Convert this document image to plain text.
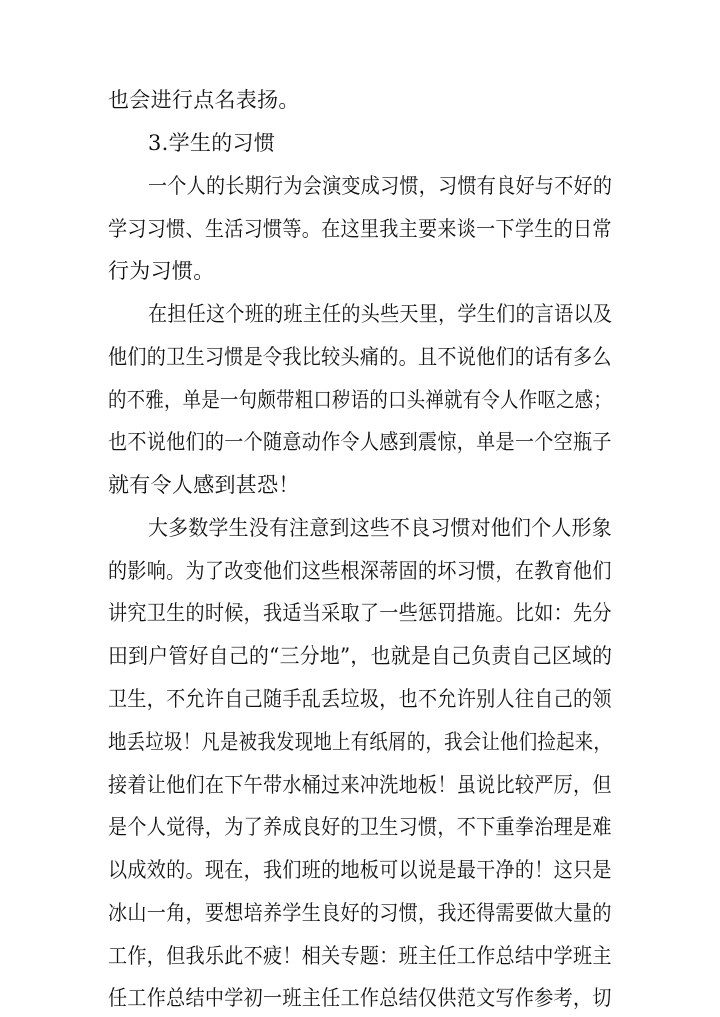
也会进行点名表扬。
3.学生的习惯
一个人的长期行为会演变成习惯，习惯有良好与不好的
学习习惯、生活习惯等。在这里我主要来谈一下学生的日常
行为习惯。
在担任这个班的班主任的头些天里，学生们的言语以及
他们的卫生习惯是令我比较头痛的。且不说他们的话有多么
的不雅，单是一句颇带粗口秽语的口头禅就有令人作呕之感；
也不说他们的一个随意动作令人感到震惊，单是一个空瓶子
就有令人感到甚恐！
大多数学生没有注意到这些不良习惯对他们个人形象
的影响。为了改变他们这些根深蒂固的坏习惯，在教育他们
讲究卫生的时候，我适当采取了一些惩罚措施。比如：先分
田到户管好自己的“三分地”，也就是自己负责自己区域的
卫生，不允许自己随手乱丢垃圾，也不允许别人往自己的领
地丢垃圾！凡是被我发现地上有纸屑的，我会让他们捡起来，
接着让他们在下午带水桶过来冲洗地板！虽说比较严厉，但
是个人觉得，为了养成良好的卫生习惯，不下重拳治理是难
以成效的。现在，我们班的地板可以说是最干净的！这只是
冰山一角，要想培养学生良好的习惯，我还得需要做大量的
工作，但我乐此不疲！相关专题：班主任工作总结中学班主
任工作总结中学初一班主任工作总结仅供范文写作参考，切
